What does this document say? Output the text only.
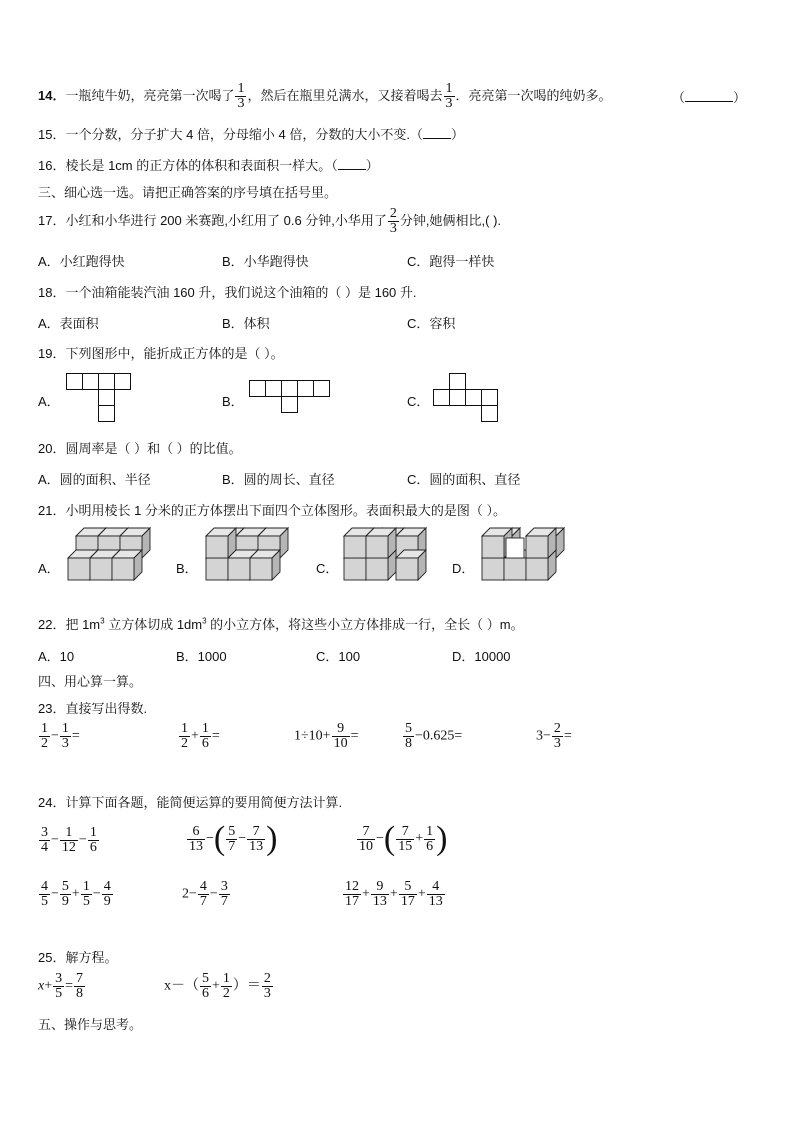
14．一瓶纯牛奶，亮亮第一次喝了 $\frac{1}{3}$ ，然后在瓶里兑满水，又接着喝去 $\frac{1}{3}$ ．亮亮第一次喝的纯奶多。	（	）
15．一个分数，分子扩大 4 倍，分母缩小 4 倍，分数的大小不变.（ ）
16．棱长是 1cm 的正方体的体积和表面积一样大。（ ）
三、细心选一选。请把正确答案的序号填在括号里。
17．小红和小华进行 200 米赛跑,小红用了 0.6 分钟,小华用了 $\frac{2}{3}$ 分钟,她俩相比,( ).
A．小红跑得快	B．小华跑得快	C．跑得一样快
18．一个油箱能装汽油 160 升，我们说这个油箱的（ ）是 160 升.
A．表面积	B．体积	C．容积
19．下列图形中，能折成正方体的是（ ）。
A．	B．	C．
20．圆周率是（ ）和（ ）的比值。
A．圆的面积、半径	B．圆的周长、直径	C．圆的面积、直径
21．小明用棱长 1 分米的正方体摆出下面四个立体图形。表面积最大的是图（ ）。
A．	B．	C．	D．
22．把 $1m^3$ 立方体切成 $1dm^3$ 的小立方体，将这些小立方体排成一行，全长（ ）m。
A．10	B．1000	C．100	D．10000
四、用心算一算。
23．直接写出得数.
$\frac{1}{2} - \frac{1}{3}$ =	$\frac{1}{2} + \frac{1}{6}$ =	$1\div 10+ \frac{9}{10}$ =	$\frac{5}{8} -0.625=$	$3- \frac{2}{3}$ =
24．计算下面各题，能简便运算的要用简便方法计算.
$\frac{3}{4} - \frac{1}{12} - \frac{1}{6}$	$\frac{6}{13}$ −( $\frac{5}{7} - \frac{7}{13}$ )	$\frac{7}{10}$ −( $\frac{7}{15} + \frac{1}{6}$ )
$\frac{4}{5} - \frac{5}{9} + \frac{1}{5} - \frac{4}{9}$	$2- \frac{4}{7} - \frac{3}{7}$	$\frac{12}{17} + \frac{9}{13} + \frac{5}{17} + \frac{4}{13}$
25．解方程。
$x+ \frac{3}{5} = \frac{7}{8}$	$x-( \frac{5}{6} + \frac{1}{2}$ ）＝ $\frac{2}{3}$
五、操作与思考。
